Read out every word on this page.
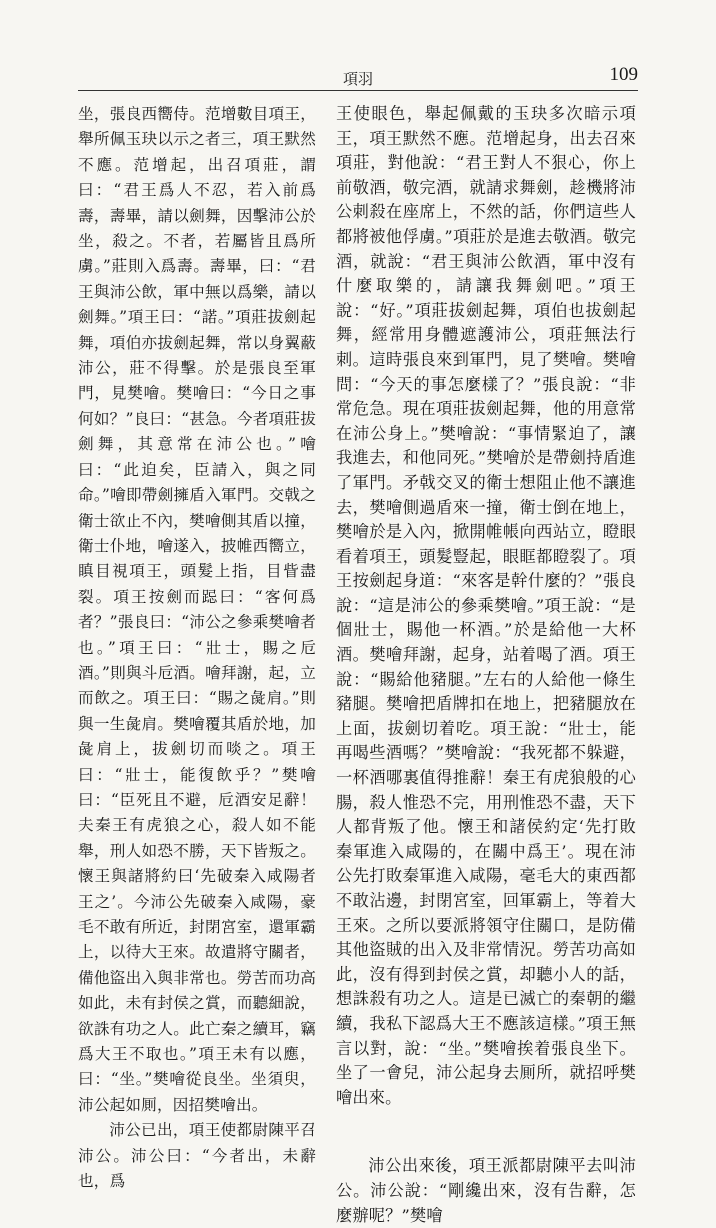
項羽	109

坐，張良西嚮侍。范增數目項王，舉所佩玉玦以示之者三，項王默然不應。范增起，出召項莊，謂曰：“君王爲人不忍，若入前爲壽，壽畢，請以劍舞，因擊沛公於坐，殺之。不者，若屬皆且爲所虜。”莊則入爲壽。壽畢，曰：“君王與沛公飲，軍中無以爲樂，請以劍舞。”項王曰：“諾。”項莊拔劍起舞，項伯亦拔劍起舞，常以身翼蔽沛公，莊不得擊。於是張良至軍門，見樊噲。樊噲曰：“今日之事何如？”良曰：“甚急。今者項莊拔劍舞，其意常在沛公也。”噲曰：“此迫矣，臣請入，與之同命。”噲即帶劍擁盾入軍門。交戟之衛士欲止不內，樊噲側其盾以撞，衛士仆地，噲遂入，披帷西嚮立，瞋目視項王，頭髮上指，目眥盡裂。項王按劍而跽曰：“客何爲者？”張良曰：“沛公之參乘樊噲者也。”項王曰：“壯士，賜之卮酒。”則與斗卮酒。噲拜謝，起，立而飲之。項王曰：“賜之彘肩。”則與一生彘肩。樊噲覆其盾於地，加彘肩上，拔劍切而啖之。項王曰：“壯士，能復飲乎？”樊噲曰：“臣死且不避，卮酒安足辭！夫秦王有虎狼之心，殺人如不能舉，刑人如恐不勝，天下皆叛之。懷王與諸將約曰‘先破秦入咸陽者王之’。今沛公先破秦入咸陽，豪毛不敢有所近，封閉宮室，還軍霸上，以待大王來。故遣將守關者，備他盜出入與非常也。勞苦而功高如此，未有封侯之賞，而聽細說，欲誅有功之人。此亡秦之續耳，竊爲大王不取也。”項王未有以應，曰：“坐。”樊噲從良坐。坐須臾，沛公起如厠，因招樊噲出。

沛公已出，項王使都尉陳平召沛公。沛公曰：“今者出，未辭也，爲

王使眼色，舉起佩戴的玉玦多次暗示項王，項王默然不應。范增起身，出去召來項莊，對他說：“君王對人不狠心，你上前敬酒，敬完酒，就請求舞劍，趁機將沛公刺殺在座席上，不然的話，你們這些人都將被他俘虜。”項莊於是進去敬酒。敬完酒，就說：“君王與沛公飲酒，軍中沒有什麼取樂的，請讓我舞劍吧。”項王說：“好。”項莊拔劍起舞，項伯也拔劍起舞，經常用身體遮護沛公，項莊無法行刺。這時張良來到軍門，見了樊噲。樊噲問：“今天的事怎麼樣了？”張良說：“非常危急。現在項莊拔劍起舞，他的用意常在沛公身上。”樊噲說：“事情緊迫了，讓我進去，和他同死。”樊噲於是帶劍持盾進了軍門。矛戟交叉的衛士想阻止他不讓進去，樊噲側過盾來一撞，衛士倒在地上，樊噲於是入內，掀開帷帳向西站立，瞪眼看着項王，頭髮豎起，眼眶都瞪裂了。項王按劍起身道：“來客是幹什麼的？”張良說：“這是沛公的參乘樊噲。”項王說：“是個壯士，賜他一杯酒。”於是給他一大杯酒。樊噲拜謝，起身，站着喝了酒。項王說：“賜給他豬腿。”左右的人給他一條生豬腿。樊噲把盾牌扣在地上，把豬腿放在上面，拔劍切着吃。項王說：“壯士，能再喝些酒嗎？”樊噲說：“我死都不躲避，一杯酒哪裏值得推辭！秦王有虎狼般的心腸，殺人惟恐不完，用刑惟恐不盡，天下人都背叛了他。懷王和諸侯約定‘先打敗秦軍進入咸陽的，在關中爲王’。現在沛公先打敗秦軍進入咸陽，毫毛大的東西都不敢沾邊，封閉宮室，回軍霸上，等着大王來。之所以要派將領守住關口，是防備其他盜賊的出入及非常情況。勞苦功高如此，沒有得到封侯之賞，却聽小人的話，想誅殺有功之人。這是已滅亡的秦朝的繼續，我私下認爲大王不應該這樣。”項王無言以對，說：“坐。”樊噲挨着張良坐下。坐了一會兒，沛公起身去厠所，就招呼樊噲出來。

沛公出來後，項王派都尉陳平去叫沛公。沛公說：“剛纔出來，沒有告辭，怎麼辦呢？”樊噲
